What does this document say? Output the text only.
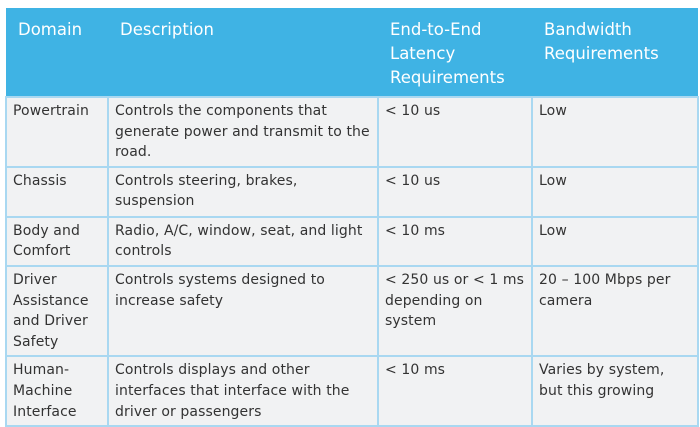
Domain	Description	End-to-End Latency Requirements	Bandwidth Requirements
Powertrain	Controls the components that generate power and transmit to the road.	< 10 us	Low
Chassis	Controls steering, brakes, suspension	< 10 us	Low
Body and Comfort	Radio, A/C, window, seat, and light controls	< 10 ms	Low
Driver Assistance and Driver Safety	Controls systems designed to increase safety	< 250 us or < 1 ms depending on system	20 – 100 Mbps per camera
Human-Machine Interface	Controls displays and other interfaces that interface with the driver or passengers	< 10 ms	Varies by system, but this growing
